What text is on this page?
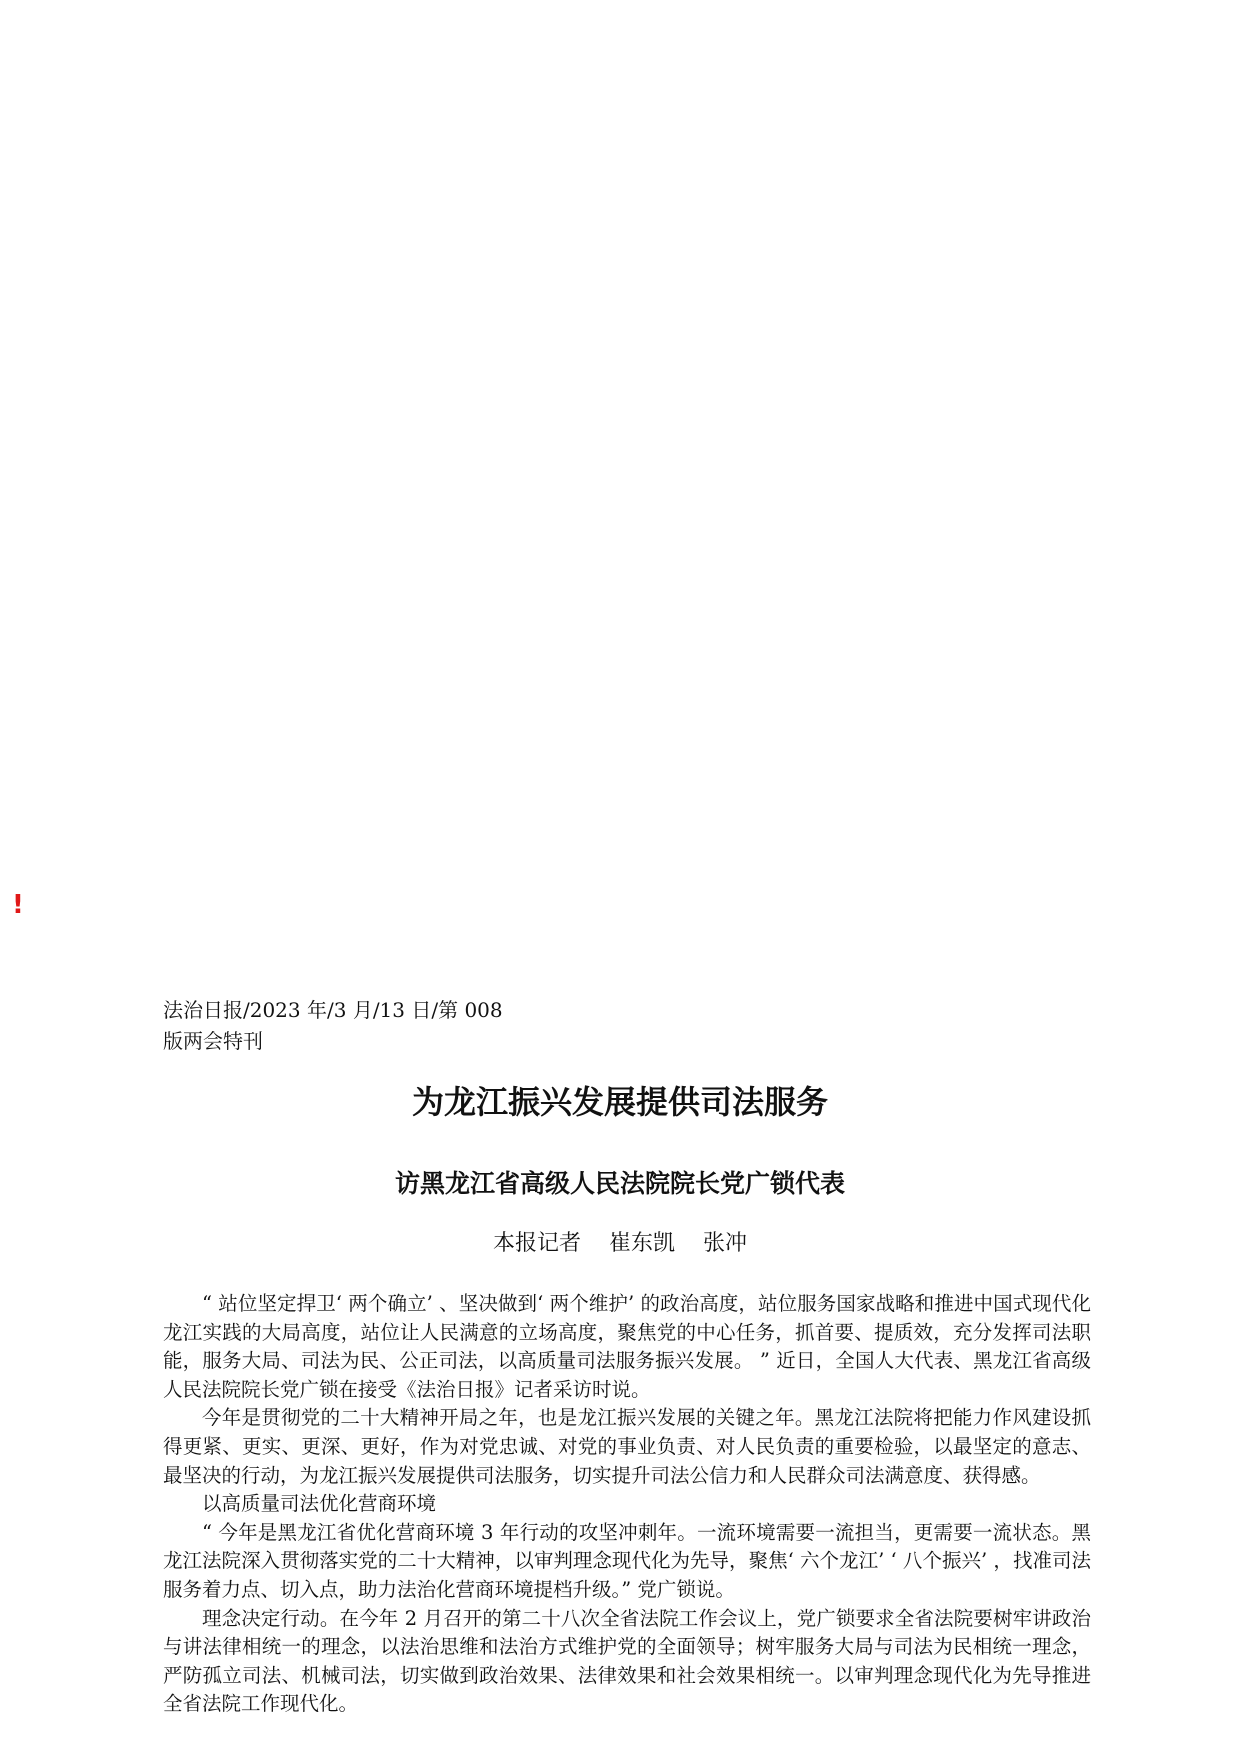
!
法治日报/2023 年/3 月/13 日/第 008
版两会特刊
为龙江振兴发展提供司法服务
访黑龙江省高级人民法院院长党广锁代表
本报记者    崔东凯    张冲

“ 站位坚定捍卫‘ 两个确立’ 、坚决做到‘ 两个维护’ 的政治高度，站位服务国家战略和推进中国式现代化龙江实践的大局高度，站位让人民满意的立场高度，聚焦党的中心任务，抓首要、提质效，充分发挥司法职能，服务大局、司法为民、公正司法，以高质量司法服务振兴发展。 ” 近日，全国人大代表、黑龙江省高级人民法院院长党广锁在接受《法治日报》记者采访时说。

今年是贯彻党的二十大精神开局之年，也是龙江振兴发展的关键之年。黑龙江法院将把能力作风建设抓得更紧、更实、更深、更好，作为对党忠诚、对党的事业负责、对人民负责的重要检验，以最坚定的意志、最坚决的行动，为龙江振兴发展提供司法服务，切实提升司法公信力和人民群众司法满意度、获得感。

以高质量司法优化营商环境

“ 今年是黑龙江省优化营商环境 3 年行动的攻坚冲刺年。一流环境需要一流担当，更需要一流状态。黑龙江法院深入贯彻落实党的二十大精神，以审判理念现代化为先导，聚焦‘ 六个龙江’ ‘ 八个振兴’ ，找准司法服务着力点、切入点，助力法治化营商环境提档升级。” 党广锁说。

理念决定行动。在今年 2 月召开的第二十八次全省法院工作会议上，党广锁要求全省法院要树牢讲政治与讲法律相统一的理念，以法治思维和法治方式维护党的全面领导；树牢服务大局与司法为民相统一理念，严防孤立司法、机械司法，切实做到政治效果、法律效果和社会效果相统一。以审判理念现代化为先导推进全省法院工作现代化。
